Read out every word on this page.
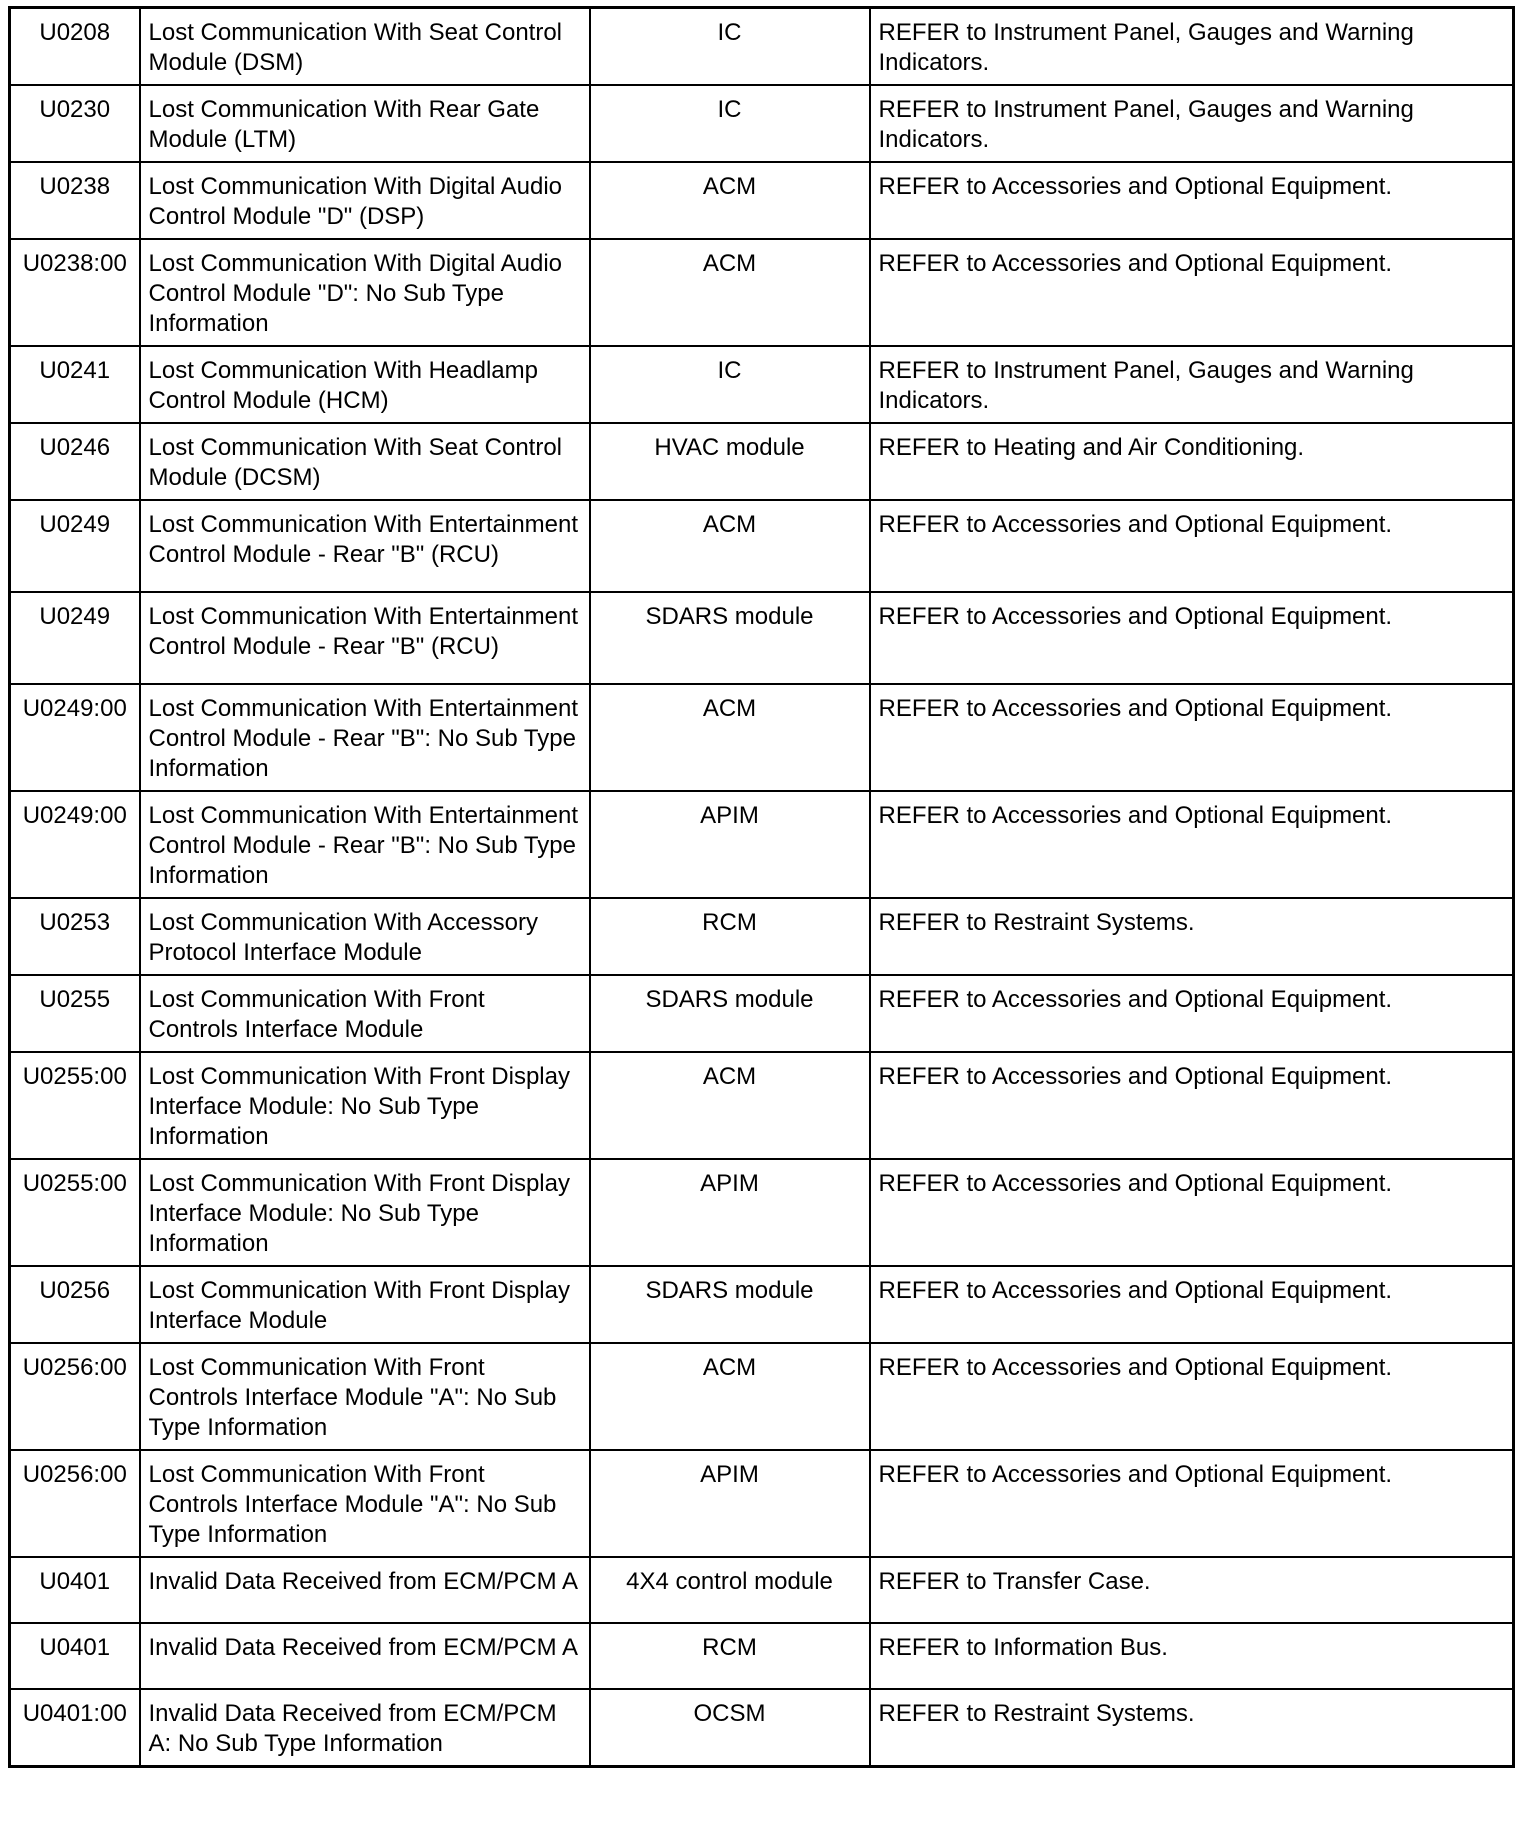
U0208	Lost Communication With Seat Control Module (DSM)	IC	REFER to Instrument Panel, Gauges and Warning Indicators.
U0230	Lost Communication With Rear Gate Module (LTM)	IC	REFER to Instrument Panel, Gauges and Warning Indicators.
U0238	Lost Communication With Digital Audio Control Module "D" (DSP)	ACM	REFER to Accessories and Optional Equipment.
U0238:00	Lost Communication With Digital Audio Control Module "D": No Sub Type Information	ACM	REFER to Accessories and Optional Equipment.
U0241	Lost Communication With Headlamp Control Module (HCM)	IC	REFER to Instrument Panel, Gauges and Warning Indicators.
U0246	Lost Communication With Seat Control Module (DCSM)	HVAC module	REFER to Heating and Air Conditioning.
U0249	Lost Communication With Entertainment Control Module - Rear "B" (RCU)	ACM	REFER to Accessories and Optional Equipment.
U0249	Lost Communication With Entertainment Control Module - Rear "B" (RCU)	SDARS module	REFER to Accessories and Optional Equipment.
U0249:00	Lost Communication With Entertainment Control Module - Rear "B": No Sub Type Information	ACM	REFER to Accessories and Optional Equipment.
U0249:00	Lost Communication With Entertainment Control Module - Rear "B": No Sub Type Information	APIM	REFER to Accessories and Optional Equipment.
U0253	Lost Communication With Accessory Protocol Interface Module	RCM	REFER to Restraint Systems.
U0255	Lost Communication With Front Controls Interface Module	SDARS module	REFER to Accessories and Optional Equipment.
U0255:00	Lost Communication With Front Display Interface Module: No Sub Type Information	ACM	REFER to Accessories and Optional Equipment.
U0255:00	Lost Communication With Front Display Interface Module: No Sub Type Information	APIM	REFER to Accessories and Optional Equipment.
U0256	Lost Communication With Front Display Interface Module	SDARS module	REFER to Accessories and Optional Equipment.
U0256:00	Lost Communication With Front Controls Interface Module "A": No Sub Type Information	ACM	REFER to Accessories and Optional Equipment.
U0256:00	Lost Communication With Front Controls Interface Module "A": No Sub Type Information	APIM	REFER to Accessories and Optional Equipment.
U0401	Invalid Data Received from ECM/PCM A	4X4 control module	REFER to Transfer Case.
U0401	Invalid Data Received from ECM/PCM A	RCM	REFER to Information Bus.
U0401:00	Invalid Data Received from ECM/PCM A: No Sub Type Information	OCSM	REFER to Restraint Systems.
